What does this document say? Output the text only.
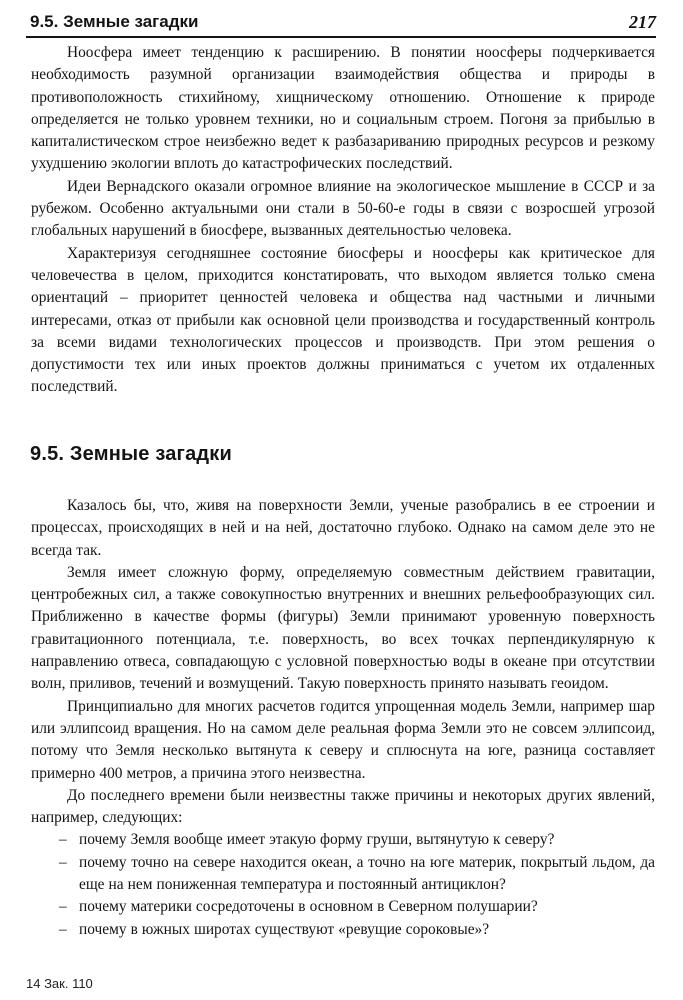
9.5. Земные загадки	217

Ноосфера имеет тенденцию к расширению. В понятии ноосферы подчеркивается необходимость разумной организации взаимодействия общества и природы в противоположность стихийному, хищническому отношению. Отношение к природе определяется не только уровнем техники, но и социальным строем. Погоня за прибылью в капиталистическом строе неизбежно ведет к разбазариванию природных ресурсов и резкому ухудшению экологии вплоть до катастрофических последствий.

Идеи Вернадского оказали огромное влияние на экологическое мышление в СССР и за рубежом. Особенно актуальными они стали в 50-60-е годы в связи с возросшей угрозой глобальных нарушений в биосфере, вызванных деятельностью человека.

Характеризуя сегодняшнее состояние биосферы и ноосферы как критическое для человечества в целом, приходится констатировать, что выходом является только смена ориентаций – приоритет ценностей человека и общества над частными и личными интересами, отказ от прибыли как основной цели производства и государственный контроль за всеми видами технологических процессов и производств. При этом решения о допустимости тех или иных проектов должны приниматься с учетом их отдаленных последствий.

9.5. Земные загадки

Казалось бы, что, живя на поверхности Земли, ученые разобрались в ее строении и процессах, происходящих в ней и на ней, достаточно глубоко. Однако на самом деле это не всегда так.

Земля имеет сложную форму, определяемую совместным действием гравитации, центробежных сил, а также совокупностью внутренних и внешних рельефообразующих сил. Приближенно в качестве формы (фигуры) Земли принимают уровенную поверхность гравитационного потенциала, т.е. поверхность, во всех точках перпендикулярную к направлению отвеса, совпадающую с условной поверхностью воды в океане при отсутствии волн, приливов, течений и возмущений. Такую поверхность принято называть геоидом.

Принципиально для многих расчетов годится упрощенная модель Земли, например шар или эллипсоид вращения. Но на самом деле реальная форма Земли это не совсем эллипсоид, потому что Земля несколько вытянута к северу и сплюснута на юге, разница составляет примерно 400 метров, а причина этого неизвестна.

До последнего времени были неизвестны также причины и некоторых других явлений, например, следующих:

– почему Земля вообще имеет этакую форму груши, вытянутую к северу?
– почему точно на севере находится океан, а точно на юге материк, покрытый льдом, да еще на нем пониженная температура и постоянный антициклон?
– почему материки сосредоточены в основном в Северном полушарии?
– почему в южных широтах существуют «ревущие сороковые»?
14 Зак. 110
